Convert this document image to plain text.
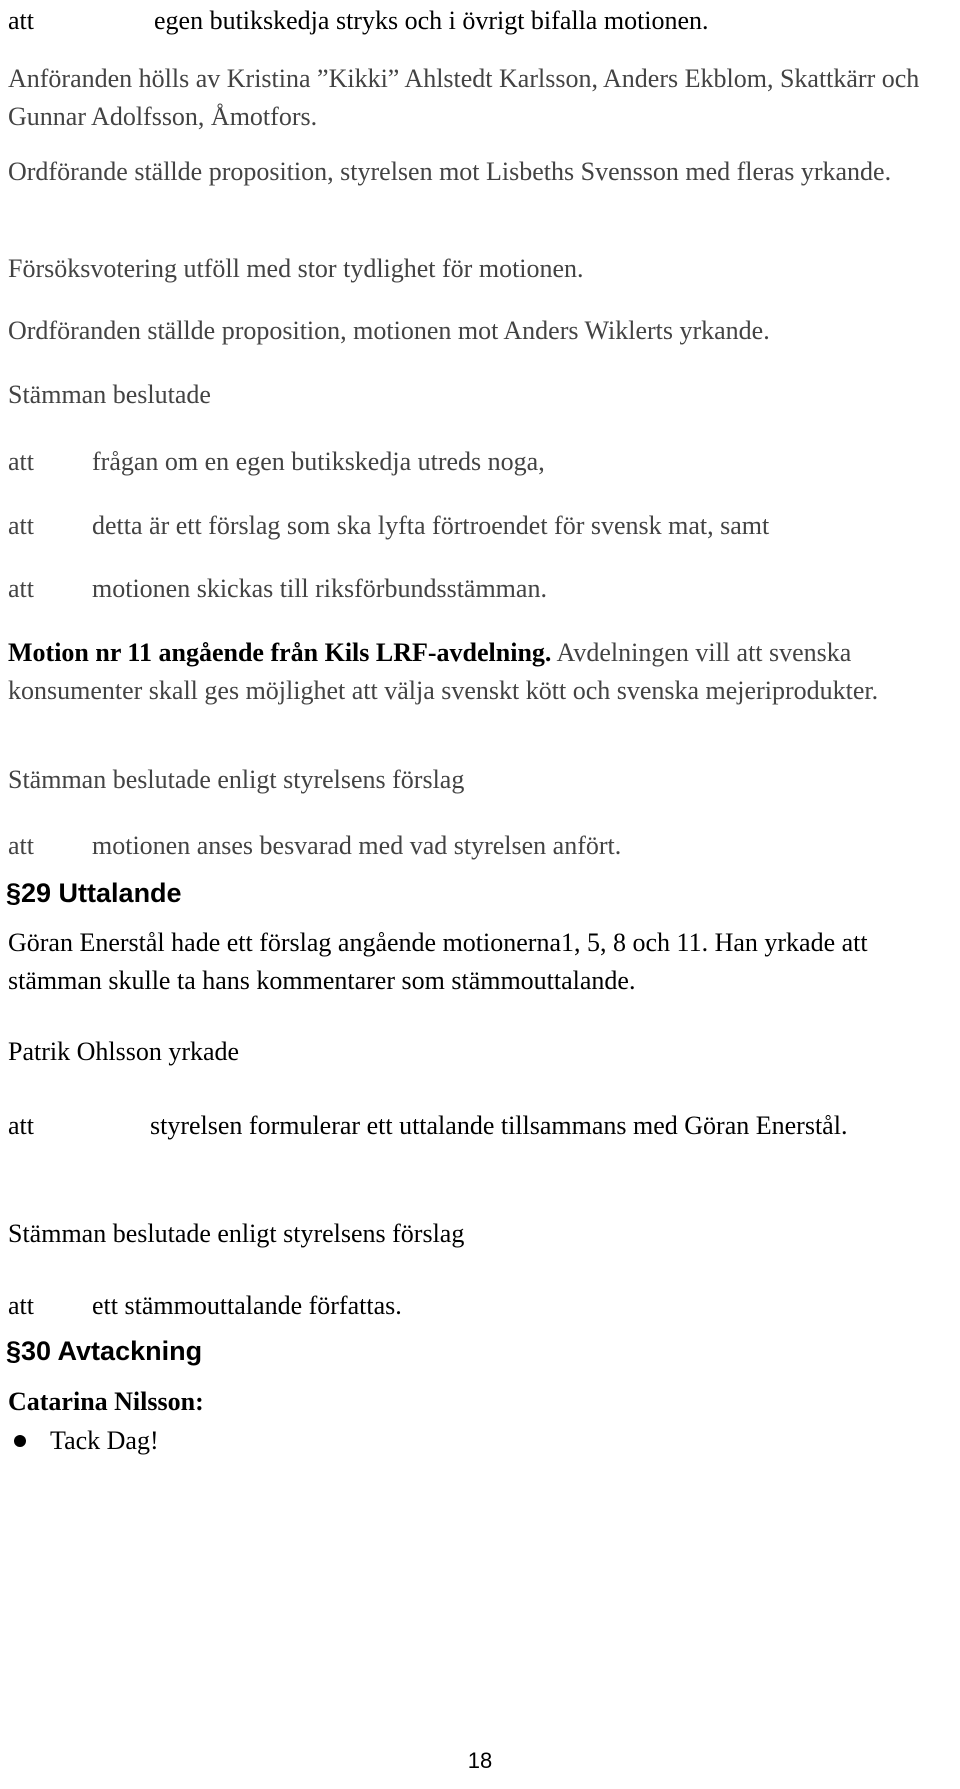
att	egen butikskedja stryks och i övrigt bifalla motionen.

Anföranden hölls av Kristina ”Kikki” Ahlstedt Karlsson, Anders Ekblom, Skattkärr och Gunnar Adolfsson, Åmotfors.

Ordförande ställde proposition, styrelsen mot Lisbeths Svensson med fleras yrkande.

Försöksvotering utföll med stor tydlighet för motionen.

Ordföranden ställde proposition, motionen mot Anders Wiklerts yrkande.

Stämman beslutade

att frågan om en egen butikskedja utreds noga,
att detta är ett förslag som ska lyfta förtroendet för svensk mat, samt
att motionen skickas till riksförbundsstämman.

Motion nr 11 angående från Kils LRF-avdelning. Avdelningen vill att svenska konsumenter skall ges möjlighet att välja svenskt kött och svenska mejeriprodukter.

Stämman beslutade enligt styrelsens förslag

att motionen anses besvarad med vad styrelsen anfört.
§29 Uttalande

Göran Enerstål hade ett förslag angående motionerna1, 5, 8 och 11. Han yrkade att stämman skulle ta hans kommentarer som stämmouttalande.

Patrik Ohlsson yrkade

att	styrelsen formulerar ett uttalande tillsammans med Göran Enerstål.

Stämman beslutade enligt styrelsens förslag

att ett stämmouttalande författas.
§30 Avtackning

Catarina Nilsson:

Tack Dag!
18
